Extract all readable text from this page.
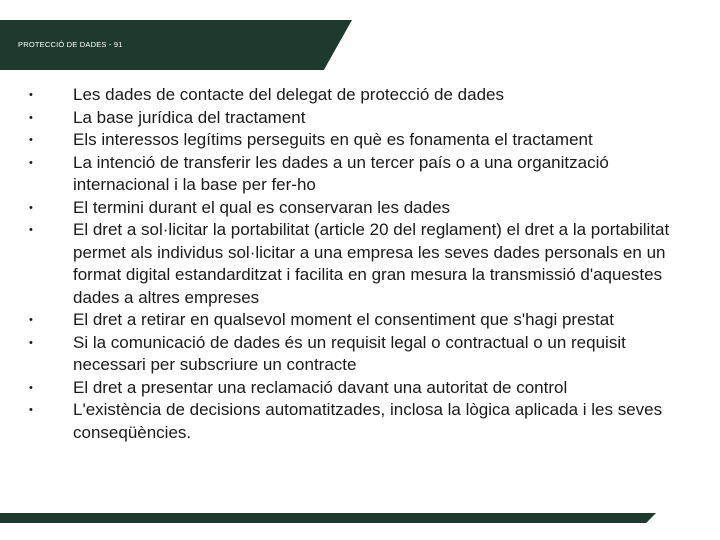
PROTECCIÓ DE DADES - 91
• Les dades de contacte del delegat de protecció de dades
• La base jurídica del tractament
• Els interessos legítims perseguits en què es fonamenta el tractament
• La intenció de transferir les dades a un tercer país o a una organització internacional i la base per fer-ho
• El termini durant el qual es conservaran les dades
• El dret a sol·licitar la portabilitat (article 20 del reglament) el dret a la portabilitat permet als individus sol·licitar a una empresa les seves dades personals en un format digital estandarditzat i facilita en gran mesura la transmissió d'aquestes dades a altres empreses
• El dret a retirar en qualsevol moment el consentiment que s'hagi prestat
• Si la comunicació de dades és un requisit legal o contractual o un requisit necessari per subscriure un contracte
• El dret a presentar una reclamació davant una autoritat de control
• L'existència de decisions automatitzades, inclosa la lògica aplicada i les seves conseqüències.
